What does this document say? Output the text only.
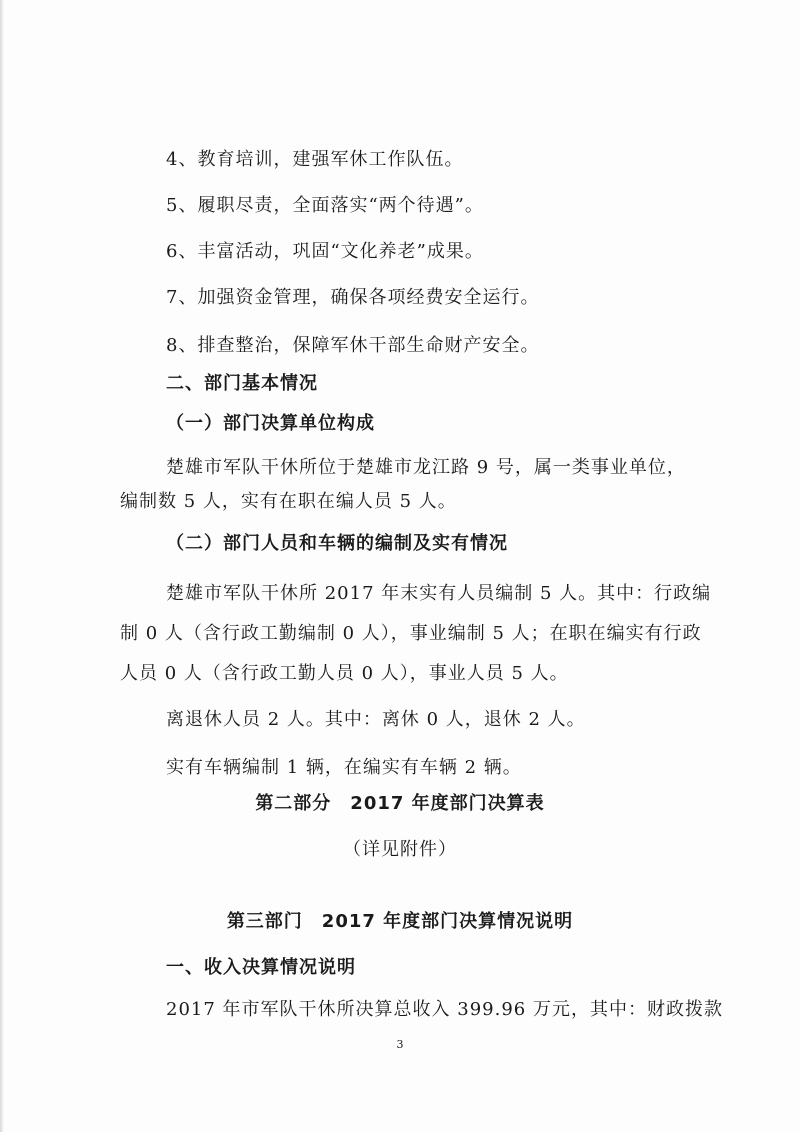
4、教育培训，建强军休工作队伍。
5、履职尽责，全面落实“两个待遇”。
6、丰富活动，巩固“文化养老”成果。
7、加强资金管理，确保各项经费安全运行。
8、排查整治，保障军休干部生命财产安全。
二、部门基本情况
（一）部门决算单位构成
楚雄市军队干休所位于楚雄市龙江路 9 号，属一类事业单位，
编制数 5 人，实有在职在编人员 5 人。
（二）部门人员和车辆的编制及实有情况
楚雄市军队干休所 2017 年末实有人员编制 5 人。其中：行政编
制 0 人（含行政工勤编制 0 人），事业编制 5 人；在职在编实有行政
人员 0 人（含行政工勤人员 0 人），事业人员 5 人。
离退休人员 2 人。其中：离休 0 人，退休 2 人。
实有车辆编制 1 辆，在编实有车辆 2 辆。
第二部分　2017 年度部门决算表
（详见附件）
第三部门　2017 年度部门决算情况说明
一、收入决算情况说明
2017 年市军队干休所决算总收入 399.96 万元，其中：财政拨款
3
